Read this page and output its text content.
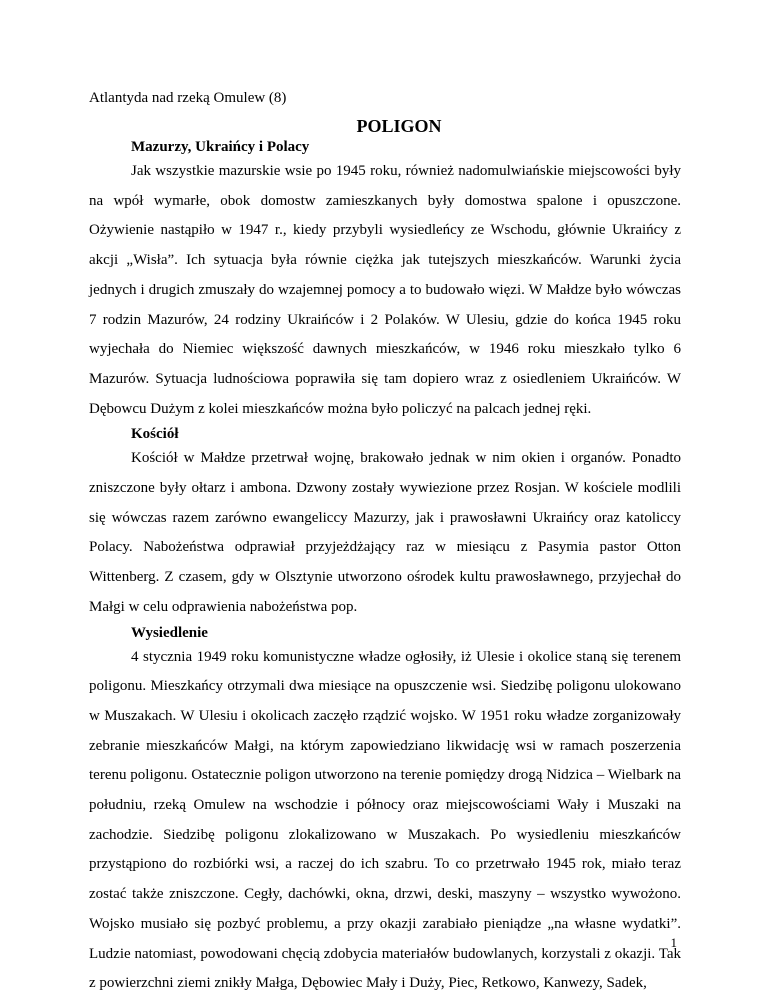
Atlantyda nad rzeką Omulew (8)
POLIGON

Mazurzy, Ukraińcy i Polacy

Jak wszystkie mazurskie wsie po 1945 roku, również nadomulwiańskie miejscowości były na wpół wymarłe, obok domostw zamieszkanych były domostwa spalone i opuszczone. Ożywienie nastąpiło w 1947 r., kiedy przybyli wysiedleńcy ze Wschodu, głównie Ukraińcy z akcji „Wisła”. Ich sytuacja była równie ciężka jak tutejszych mieszkańców. Warunki życia jednych i drugich zmuszały do wzajemnej pomocy a to budowało więzi. W Małdze było wówczas 7 rodzin Mazurów, 24 rodziny Ukraińców i 2 Polaków. W Ulesiu, gdzie do końca 1945 roku wyjechała do Niemiec większość dawnych mieszkańców, w 1946 roku mieszkało tylko 6 Mazurów. Sytuacja ludnościowa poprawiła się tam dopiero wraz z osiedleniem Ukraińców. W Dębowcu Dużym z kolei mieszkańców można było policzyć na palcach jednej ręki.

Kościół

Kościół w Małdze przetrwał wojnę, brakowało jednak w nim okien i organów. Ponadto zniszczone były ołtarz i ambona. Dzwony zostały wywiezione przez Rosjan. W kościele modlili się wówczas razem zarówno ewangeliccy Mazurzy, jak i prawosławni Ukraińcy oraz katoliccy Polacy. Nabożeństwa odprawiał przyjeżdżający raz w miesiącu z Pasymia pastor Otton Wittenberg. Z czasem, gdy w Olsztynie utworzono ośrodek kultu prawosławnego, przyjechał do Małgi w celu odprawienia nabożeństwa pop.

Wysiedlenie

4 stycznia 1949 roku komunistyczne władze ogłosiły, iż Ulesie i okolice staną się terenem poligonu. Mieszkańcy otrzymali dwa miesiące na opuszczenie wsi. Siedzibę poligonu ulokowano w Muszakach. W Ulesiu i okolicach zaczęło rządzić wojsko. W 1951 roku władze zorganizowały zebranie mieszkańców Małgi, na którym zapowiedziano likwidację wsi w ramach poszerzenia terenu poligonu. Ostatecznie poligon utworzono na terenie pomiędzy drogą Nidzica – Wielbark na południu, rzeką Omulew na wschodzie i północy oraz miejscowościami Wały i Muszaki na zachodzie. Siedzibę poligonu zlokalizowano w Muszakach. Po wysiedleniu mieszkańców przystąpiono do rozbiórki wsi, a raczej do ich szabru. To co przetrwało 1945 rok, miało teraz zostać także zniszczone. Cegły, dachówki, okna, drzwi, deski, maszyny – wszystko wywożono. Wojsko musiało się pozbyć problemu, a przy okazji zarabiało pieniądze „na własne wydatki”. Ludzie natomiast, powodowani chęcią zdobycia materiałów budowlanych, korzystali z okazji. Tak z powierzchni ziemi znikły Małga, Dębowiec Mały i Duży, Piec, Retkowo, Kanwezy, Sadek,

1
